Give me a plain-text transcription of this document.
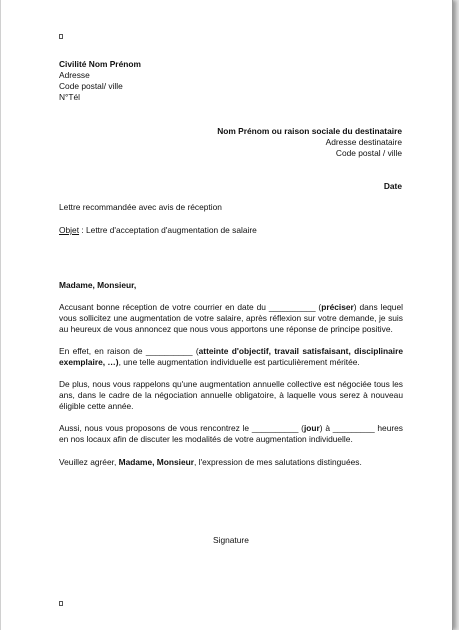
Civilité Nom Prénom
Adresse
Code postal/ ville
N°Tél
Nom Prénom ou raison sociale du destinataire
Adresse destinataire
Code postal / ville
Date
Lettre recommandée avec avis de réception
Objet : Lettre d'acceptation d'augmentation de salaire
Madame, Monsieur,
Accusant bonne réception de votre courrier en date du __________ (préciser) dans lequel vous sollicitez une augmentation de votre salaire, après réflexion sur votre demande, je suis au heureux de vous annoncez que nous vous apportons une réponse de principe positive.
En effet, en raison de __________ (atteinte d'objectif, travail satisfaisant, disciplinaire exemplaire, …), une telle augmentation individuelle est particulièrement méritée.
De plus, nous vous rappelons qu'une augmentation annuelle collective est négociée tous les ans, dans le cadre de la négociation annuelle obligatoire, à laquelle vous serez à nouveau éligible cette année.
Aussi, nous vous proposons de vous rencontrez le __________ (jour) à _________ heures en nos locaux afin de discuter les modalités de votre augmentation individuelle.
Veuillez agréer, Madame, Monsieur, l'expression de mes salutations distinguées.
Signature
